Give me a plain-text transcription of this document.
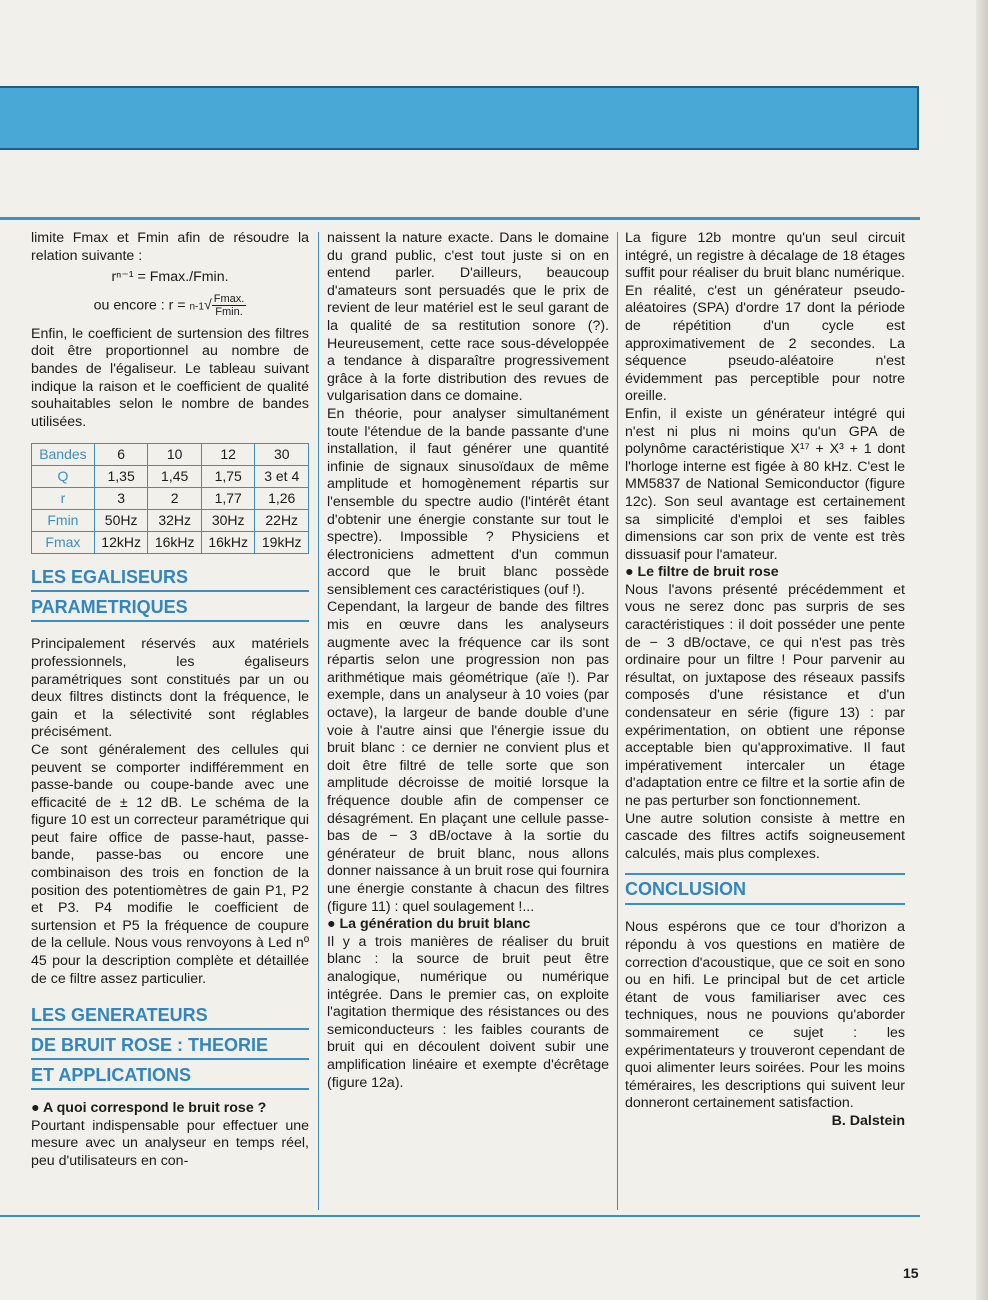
limite Fmax et Fmin afin de résoudre la relation suivante :

rⁿ⁻¹ = Fmax./Fmin.

ou encore : $r = n-1√ \frac{Fmax.}{Fmin.}$

Enfin, le coefficient de surtension des filtres doit être proportionnel au nombre de bandes de l'égaliseur. Le tableau suivant indique la raison et le coefficient de qualité souhaitables selon le nombre de bandes utilisées.

Bandes	6	10	12	30
Q	1,35	1,45	1,75	3 et 4
r	3	2	1,77	1,26
Fmin	50Hz	32Hz	30Hz	22Hz
Fmax	12kHz	16kHz	16kHz	19kHz
LES EGALISEURS
PARAMETRIQUES

Principalement réservés aux matériels professionnels, les égaliseurs paramétriques sont constitués par un ou deux filtres distincts dont la fréquence, le gain et la sélectivité sont réglables précisément.

Ce sont généralement des cellules qui peuvent se comporter indifféremment en passe-bande ou coupe-bande avec une efficacité de ± 12 dB. Le schéma de la figure 10 est un correcteur paramétrique qui peut faire office de passe-haut, passe-bande, passe-bas ou encore une combinaison des trois en fonction de la position des potentiomètres de gain P1, P2 et P3. P4 modifie le coefficient de surtension et P5 la fréquence de coupure de la cellule. Nous vous renvoyons à Led nº 45 pour la description complète et détaillée de ce filtre assez particulier.

LES GENERATEURS
DE BRUIT ROSE : THEORIE
ET APPLICATIONS

● A quoi correspond le bruit rose ?

Pourtant indispensable pour effectuer une mesure avec un analyseur en temps réel, peu d'utilisateurs en con-

naissent la nature exacte. Dans le domaine du grand public, c'est tout juste si on en entend parler. D'ailleurs, beaucoup d'amateurs sont persuadés que le prix de revient de leur matériel est le seul garant de la qualité de sa restitution sonore (?). Heureusement, cette race sous-développée a tendance à disparaître progressivement grâce à la forte distribution des revues de vulgarisation dans ce domaine.

En théorie, pour analyser simultanément toute l'étendue de la bande passante d'une installation, il faut générer une quantité infinie de signaux sinusoïdaux de même amplitude et homogènement répartis sur l'ensemble du spectre audio (l'intérêt étant d'obtenir une énergie constante sur tout le spectre). Impossible ? Physiciens et électroniciens admettent d'un commun accord que le bruit blanc possède sensiblement ces caractéristiques (ouf !).

Cependant, la largeur de bande des filtres mis en œuvre dans les analyseurs augmente avec la fréquence car ils sont répartis selon une progression non pas arithmétique mais géométrique (aïe !). Par exemple, dans un analyseur à 10 voies (par octave), la largeur de bande double d'une voie à l'autre ainsi que l'énergie issue du bruit blanc : ce dernier ne convient plus et doit être filtré de telle sorte que son amplitude décroisse de moitié lorsque la fréquence double afin de compenser ce désagrément. En plaçant une cellule passe-bas de − 3 dB/octave à la sortie du générateur de bruit blanc, nous allons donner naissance à un bruit rose qui fournira une énergie constante à chacun des filtres (figure 11) : quel soulagement !...

● La génération du bruit blanc

Il y a trois manières de réaliser du bruit blanc : la source de bruit peut être analogique, numérique ou numérique intégrée. Dans le premier cas, on exploite l'agitation thermique des résistances ou des semiconducteurs : les faibles courants de bruit qui en découlent doivent subir une amplification linéaire et exempte d'écrêtage (figure 12a).

La figure 12b montre qu'un seul circuit intégré, un registre à décalage de 18 étages suffit pour réaliser du bruit blanc numérique. En réalité, c'est un générateur pseudo-aléatoires (SPA) d'ordre 17 dont la période de répétition d'un cycle est approximativement de 2 secondes. La séquence pseudo-aléatoire n'est évidemment pas perceptible pour notre oreille.

Enfin, il existe un générateur intégré qui n'est ni plus ni moins qu'un GPA de polynôme caractéristique X¹⁷ + X³ + 1 dont l'horloge interne est figée à 80 kHz. C'est le MM5837 de National Semiconductor (figure 12c). Son seul avantage est certainement sa simplicité d'emploi et ses faibles dimensions car son prix de vente est très dissuasif pour l'amateur.

● Le filtre de bruit rose

Nous l'avons présenté précédemment et vous ne serez donc pas surpris de ses caractéristiques : il doit posséder une pente de − 3 dB/octave, ce qui n'est pas très ordinaire pour un filtre ! Pour parvenir au résultat, on juxtapose des réseaux passifs composés d'une résistance et d'un condensateur en série (figure 13) : par expérimentation, on obtient une réponse acceptable bien qu'approximative. Il faut impérativement intercaler un étage d'adaptation entre ce filtre et la sortie afin de ne pas perturber son fonctionnement.

Une autre solution consiste à mettre en cascade des filtres actifs soigneusement calculés, mais plus complexes.

CONCLUSION

Nous espérons que ce tour d'horizon a répondu à vos questions en matière de correction d'acoustique, que ce soit en sono ou en hifi. Le principal but de cet article étant de vous familiariser avec ces techniques, nous ne pouvions qu'aborder sommairement ce sujet : les expérimentateurs y trouveront cependant de quoi alimenter leurs soirées. Pour les moins téméraires, les descriptions qui suivent leur donneront certainement satisfaction.

B. Dalstein

15
